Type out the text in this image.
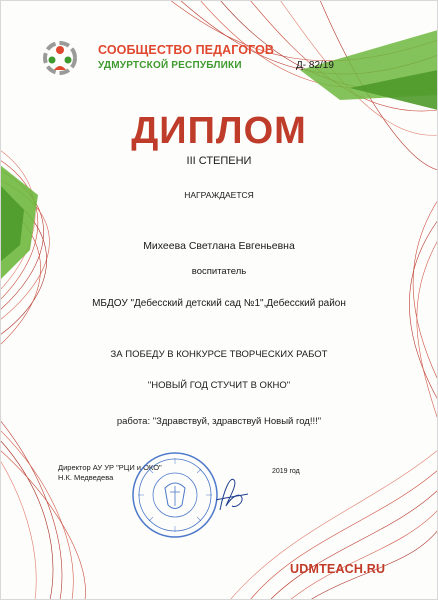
СООБЩЕСТВО ПЕДАГОГОВ
УДМУРТСКОЙ РЕСПУБЛИКИ	Д- 82/19
ДИПЛОМ
III СТЕПЕНИ
НАГРАЖДАЕТСЯ
Михеева Светлана Евгеньевна
воспитатель
МБДОУ "Дебесский детский сад №1",Дебесский район
ЗА ПОБЕДУ В КОНКУРСЕ ТВОРЧЕСКИХ РАБОТ
"НОВЫЙ ГОД СТУЧИТ В ОКНО"
работа: "Здравствуй, здравствуй Новый год!!!"
Директор АУ УР "РЦИ и ОКО"
Н.К. Медведева
2019 год
UDMTEACH.RU
